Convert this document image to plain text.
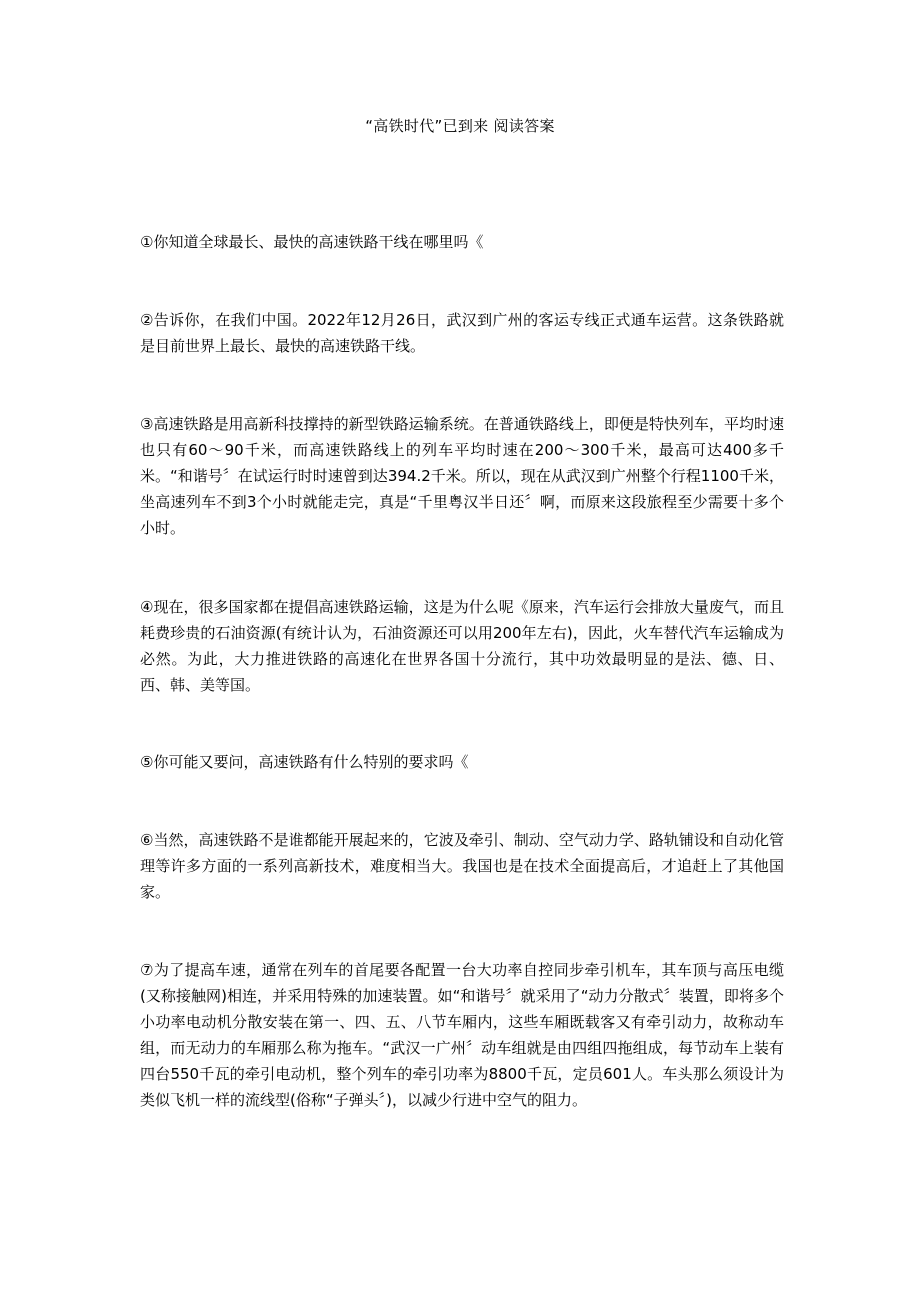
“高铁时代”已到来 阅读答案

①你知道全球最长、最快的高速铁路干线在哪里吗《

②告诉你，在我们中国。2022年12月26日，武汉到广州的客运专线正式通车运营。这条铁路就是目前世界上最长、最快的高速铁路干线。

③高速铁路是用高新科技撑持的新型铁路运输系统。在普通铁路线上，即便是特快列车，平均时速也只有60～90千米，而高速铁路线上的列车平均时速在200～300千米，最高可达400多千米。“和谐号〞在试运行时时速曾到达394.2千米。所以，现在从武汉到广州整个行程1100千米，坐高速列车不到3个小时就能走完，真是“千里粤汉半日还〞啊，而原来这段旅程至少需要十多个小时。

④现在，很多国家都在提倡高速铁路运输，这是为什么呢《原来，汽车运行会排放大量废气，而且耗费珍贵的石油资源(有统计认为，石油资源还可以用200年左右)，因此，火车替代汽车运输成为必然。为此，大力推进铁路的高速化在世界各国十分流行，其中功效最明显的是法、德、日、西、韩、美等国。

⑤你可能又要问，高速铁路有什么特别的要求吗《

⑥当然，高速铁路不是谁都能开展起来的，它波及牵引、制动、空气动力学、路轨铺设和自动化管理等许多方面的一系列高新技术，难度相当大。我国也是在技术全面提高后，才追赶上了其他国家。

⑦为了提高车速，通常在列车的首尾要各配置一台大功率自控同步牵引机车，其车顶与高压电缆(又称接触网)相连，并采用特殊的加速装置。如“和谐号〞就采用了“动力分散式〞装置，即将多个小功率电动机分散安装在第一、四、五、八节车厢内，这些车厢既载客又有牵引动力，故称动车组，而无动力的车厢那么称为拖车。“武汉一广州〞动车组就是由四组四拖组成，每节动车上装有四台550千瓦的牵引电动机，整个列车的牵引功率为8800千瓦，定员601人。车头那么须设计为类似飞机一样的流线型(俗称“子弹头〞)，以减少行进中空气的阻力。
